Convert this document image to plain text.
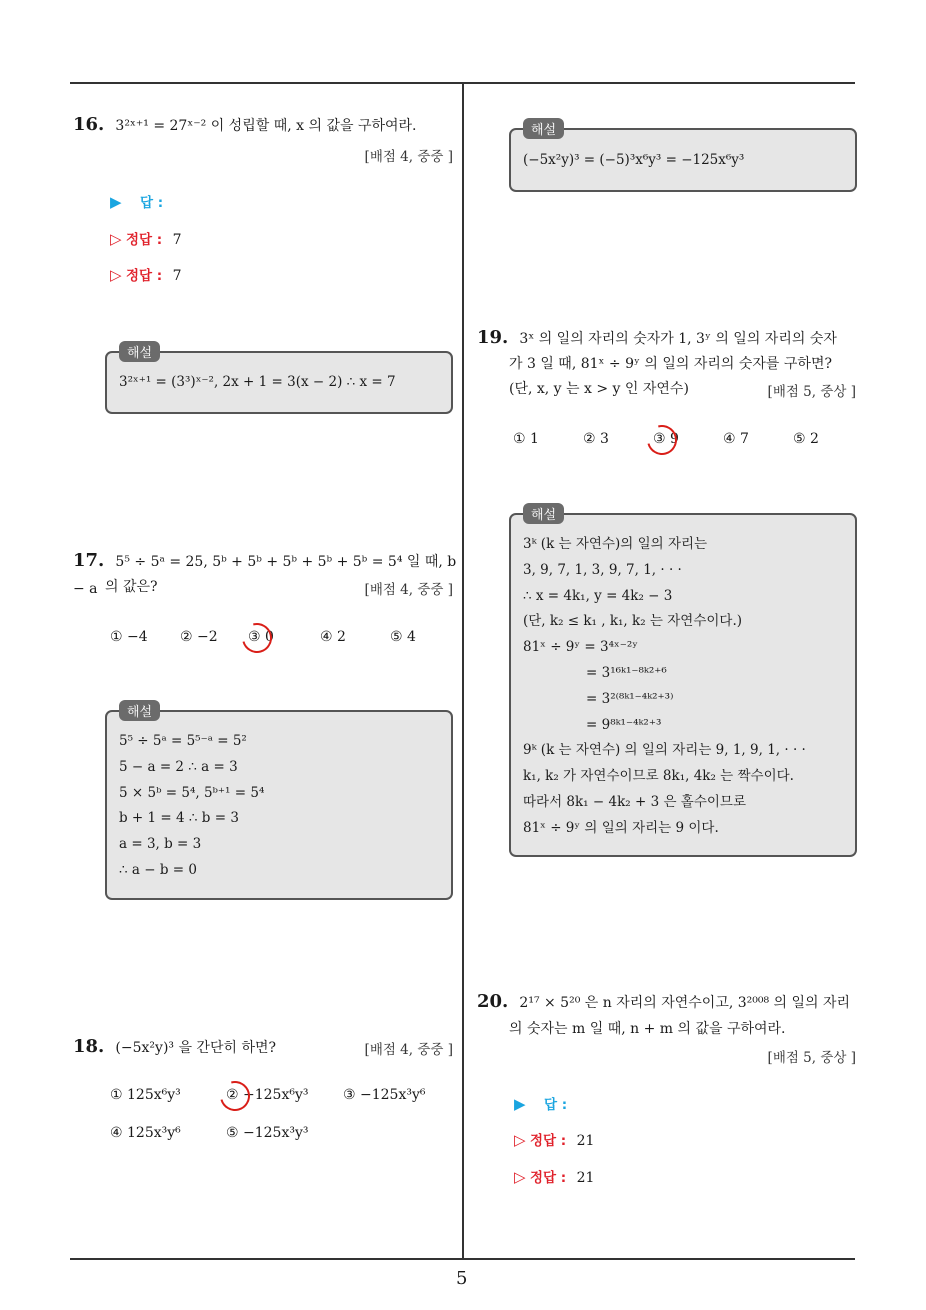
16. 3²ˣ⁺¹ = 27ˣ⁻² 이 성립할 때, x 의 값을 구하여라.
[배점 4, 중중 ]
▶ 답 :
▷ 정답 : 7
▷ 정답 : 7
해설
3²ˣ⁺¹ = (3³)ˣ⁻², 2x + 1 = 3(x − 2) ∴ x = 7
17. 5⁵ ÷ 5ᵃ = 25, 5ᵇ + 5ᵇ + 5ᵇ + 5ᵇ + 5ᵇ = 5⁴ 일 때, b − a 의 값은?	[배점 4, 중중 ]
① −4 ② −2 ③ 0	④ 2	⑤ 4
해설
5⁵ ÷ 5ᵃ = 5⁵⁻ᵃ = 5²
5 − a = 2 ∴ a = 3
5 × 5ᵇ = 5⁴, 5ᵇ⁺¹ = 5⁴
b + 1 = 4 ∴ b = 3
a = 3, b = 3
∴ a − b = 0
18. (−5x²y)³ 을 간단히 하면?	[배점 4, 중중 ]
① 125x⁶y³	② −125x⁶y³ ③ −125x³y⁶
④ 125x³y⁶	⑤ −125x³y³
해설
(−5x²y)³ = (−5)³x⁶y³ = −125x⁶y³
19. 3ˣ 의 일의 자리의 숫자가 1, 3ʸ 의 일의 자리의 숫자
가 3 일 때, 81ˣ ÷ 9ʸ 의 일의 자리의 숫자를 구하면?
(단, x, y 는 x > y 인 자연수)	[배점 5, 중상 ]
① 1	② 3	③ 9	④ 7	⑤ 2
해설
3ᵏ (k 는 자연수)의 일의 자리는
3, 9, 7, 1, 3, 9, 7, 1, · · ·
∴ x = 4k₁, y = 4k₂ − 3
(단, k₂ ≤ k₁ , k₁, k₂ 는 자연수이다.)
81ˣ ÷ 9ʸ = 3⁴ˣ⁻²ʸ
= 3¹⁶ᵏ¹⁻⁸ᵏ²⁺⁶
= 3²⁽⁸ᵏ¹⁻⁴ᵏ²⁺³⁾
= 9⁸ᵏ¹⁻⁴ᵏ²⁺³
9ᵏ (k 는 자연수) 의 일의 자리는 9, 1, 9, 1, · · ·
k₁, k₂ 가 자연수이므로 8k₁, 4k₂ 는 짝수이다.
따라서 8k₁ − 4k₂ + 3 은 홀수이므로
81ˣ ÷ 9ʸ 의 일의 자리는 9 이다.
20. 2¹⁷ × 5²⁰ 은 n 자리의 자연수이고, 3²⁰⁰⁸ 의 일의 자리
의 숫자는 m 일 때, n + m 의 값을 구하여라.
[배점 5, 중상 ]
▶ 답 :
▷ 정답 : 21
▷ 정답 : 21
5
